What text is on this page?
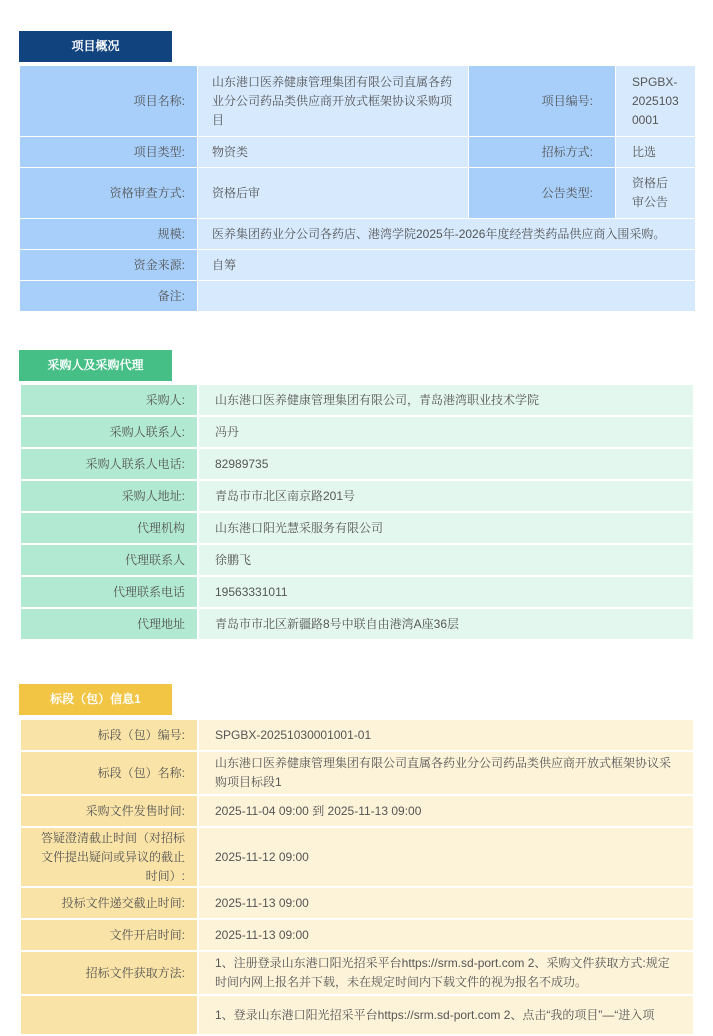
项目概况
项目名称:	山东港口医养健康管理集团有限公司直属各药业分公司药品类供应商开放式框架协议采购项目	项目编号:	SPGBX-20251030001
项目类型:	物资类	招标方式:	比选
资格审查方式:	资格后审	公告类型:	资格后审公告
规模:	医养集团药业分公司各药店、港湾学院2025年-2026年度经营类药品供应商入围采购。		
资金来源:	自筹		
备注:			
采购人及采购代理
采购人:	山东港口医养健康管理集团有限公司，青岛港湾职业技术学院
采购人联系人:	冯丹
采购人联系人电话:	82989735
采购人地址:	青岛市市北区南京路201号
代理机构	山东港口阳光慧采服务有限公司
代理联系人	徐鹏飞
代理联系电话	19563331011
代理地址	青岛市市北区新疆路8号中联自由港湾A座36层
标段（包）信息1
标段（包）编号:	SPGBX-20251030001001-01
标段（包）名称:	山东港口医养健康管理集团有限公司直属各药业分公司药品类供应商开放式框架协议采购项目标段1
采购文件发售时间:	2025-11-04 09:00 到 2025-11-13 09:00
答疑澄清截止时间（对招标文件提出疑问或异议的截止时间）:	2025-11-12 09:00
投标文件递交截止时间:	2025-11-13 09:00
文件开启时间:	2025-11-13 09:00
招标文件获取方法:	1、注册登录山东港口阳光招采平台https://srm.sd-port.com 2、采购文件获取方式:规定时间内网上报名并下载，未在规定时间内下载文件的视为报名不成功。
	1、登录山东港口阳光招采平台https://srm.sd-port.com 2、点击“我的项目”—“进入项
